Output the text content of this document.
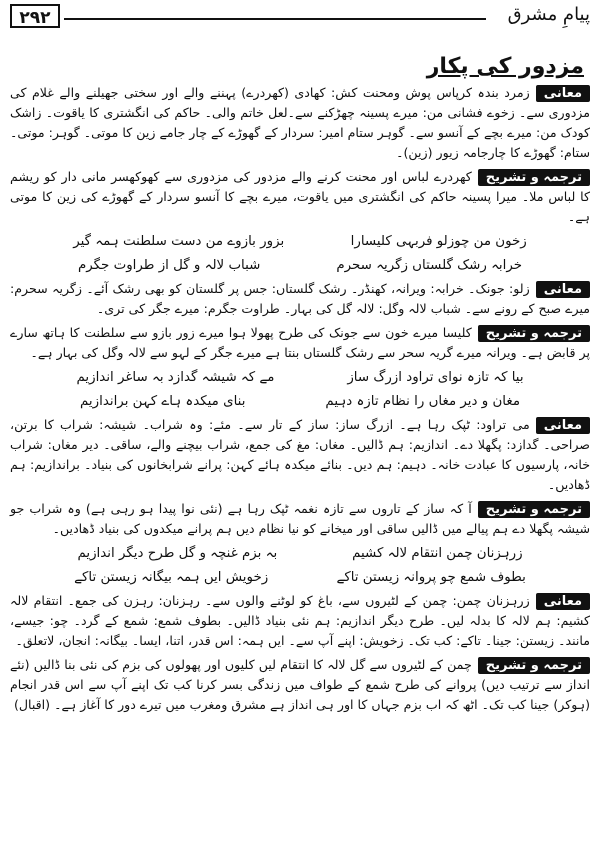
۲۹۲	پیامِ مشرق
مزدور کی پکار

معانیزمرد بندہ کرپاس پوش ومحنت کش: کھادی (کھردرے) پہننے والے اور سختی جھیلنے والے غلام کی مزدوری سے۔ زخوے فشانی من: میرے پسینہ چھڑکنے سے۔لعل خاتم والی۔ حاکم کی انگشتری کا یاقوت۔ زاشک کودک من: میرے بچے کے آنسو سے۔ گوہر ستام امیر: سردار کے گھوڑے کے چار جامے زین کا موتی۔ گوہر: موتی۔ ستام: گھوڑے کا چارجامہ زیور (زین)۔

ترجمہ و تشریحکھردرے لباس اور محنت کرنے والے مزدور کی مزدوری سے کھوکھسر مانی دار کو ریشم کا لباس ملا۔ میرا پسینہ حاکم کی انگشتری میں یاقوت، میرے بچے کا آنسو سردار کے گھوڑے کی زین کا موتی ہے۔

زخون من چوزلو فربہی کلیسارا
بزور بازوے من دست سلطنت ہمہ گیر
خرابہ رشک گلستاں زگریہ سحرم
شباب لالہ و گل از طراوت جگرم

معانیزلو: جونک۔ خرابہ: ویرانہ، کھنڈر۔ رشک گلستاں: جس پر گلستان کو بھی رشک آئے۔ زگریہ سحرم: میرے صبح کے رونے سے۔ شباب لالہ وگل: لالہ گل کی بہار۔ طراوت جگرم: میرے جگر کی تری۔

ترجمہ و تشریحکلیسا میرے خون سے جونک کی طرح پھولا ہوا میرے زور بازو سے سلطنت کا ہاتھ سارے پر قابض ہے۔ ویرانہ میرے گریہ سحر سے رشک گلستاں بنتا ہے میرے جگر کے لہو سے لالہ وگل کی بہار ہے۔

بیا کہ تازہ نوای تراود ازرگ ساز
مے کہ شیشہ گدازد بہ ساغر اندازیم
مغان و دیر مغاں را نظام تازہ دہیم
بنای میکدہ ہاے کہن براندازیم

معانیمی تراود: ٹپک رہا ہے۔ ازرگ ساز: ساز کے تار سے۔ مئے: وہ شراب۔ شیشہ: شراب کا برتن، صراحی۔ گدازد: پگھلا دے۔ اندازیم: ہم ڈالیں۔ مغاں: مغ کی جمع، شراب بیچنے والے، ساقی۔ دیر مغاں: شراب خانہ، پارسیوں کا عبادت خانہ۔ دہیم: ہم دیں۔ بنائے میکدہ ہائے کہن: پرانے شرابخانوں کی بنیاد۔ براندازیم: ہم ڈھادیں۔

ترجمہ و تشریحآ کہ ساز کے تاروں سے تازہ نغمہ ٹپک رہا ہے (نئی نوا پیدا ہو رہی ہے) وہ شراب جو شیشہ پگھلا دے ہم پیالے میں ڈالیں ساقی اور میخانے کو نیا نظام دیں ہم پرانے میکدوں کی بنیاد ڈھادیں۔

زرہزنان چمن انتقام لالہ کشیم
بہ بزم غنچہ و گل طرح دیگر اندازیم
بطوف شمع چو پروانہ زیستن تاکے
زخویش ایں ہمہ بیگانہ زیستن تاکے

معانیزرہزنان چمن: چمن کے لٹیروں سے، باغ کو لوٹنے والوں سے۔ رہزنان: رہزن کی جمع۔ انتقام لالہ کشیم: ہم لالہ کا بدلہ لیں۔ طرح دیگر اندازیم: ہم نئی بنیاد ڈالیں۔ بطوف شمع: شمع کے گرد۔ چو: جیسے، مانند۔ زیستن: جینا۔ تاکے: کب تک۔ زخویش: اپنے آپ سے۔ ایں ہمہ: اس قدر، اتنا، ایسا۔ بیگانہ: انجان، لاتعلق۔

ترجمہ و تشریحچمن کے لٹیروں سے گل لالہ کا انتقام لیں کلیوں اور پھولوں کی بزم کی نئی بنا ڈالیں (نئے انداز سے ترتیب دیں) پروانے کی طرح شمع کے طواف میں زندگی بسر کرنا کب تک اپنے آپ سے اس قدر انجام (ہوکر) جینا کب تک۔ اٹھ کہ اب بزم جہاں کا اور ہی انداز ہے مشرق ومغرب میں تیرے دور کا آغاز ہے۔ (اقبال)
